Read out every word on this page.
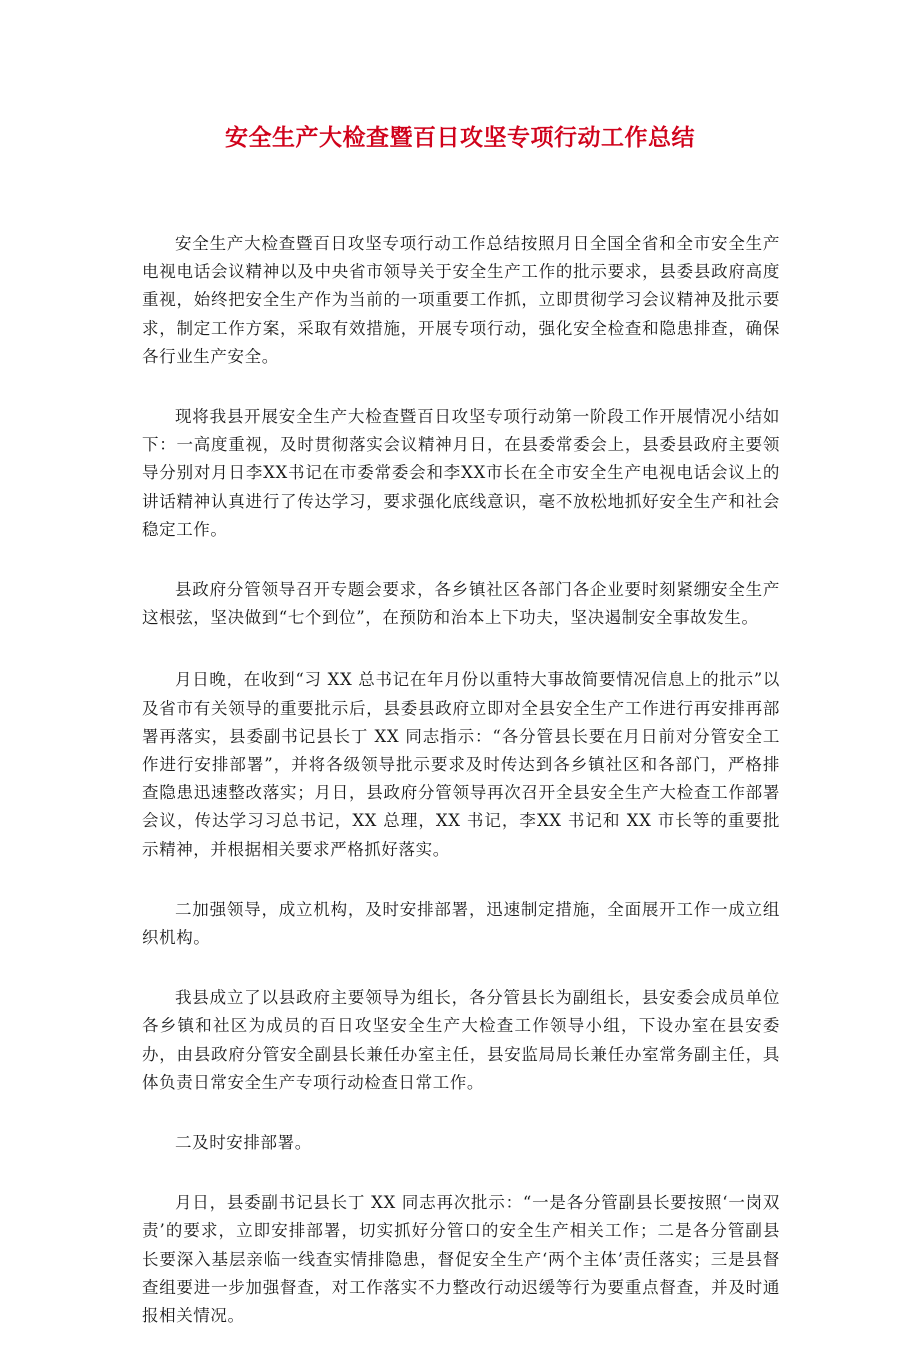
安全生产大检查暨百日攻坚专项行动工作总结

安全生产大检查暨百日攻坚专项行动工作总结按照月日全国全省和全市安全生产电视电话会议精神以及中央省市领导关于安全生产工作的批示要求，县委县政府高度重视，始终把安全生产作为当前的一项重要工作抓，立即贯彻学习会议精神及批示要求，制定工作方案，采取有效措施，开展专项行动，强化安全检查和隐患排查，确保各行业生产安全。

现将我县开展安全生产大检查暨百日攻坚专项行动第一阶段工作开展情况小结如下：一高度重视，及时贯彻落实会议精神月日，在县委常委会上，县委县政府主要领导分别对月日李XX书记在市委常委会和李XX市长在全市安全生产电视电话会议上的讲话精神认真进行了传达学习，要求强化底线意识，毫不放松地抓好安全生产和社会稳定工作。

县政府分管领导召开专题会要求，各乡镇社区各部门各企业要时刻紧绷安全生产这根弦，坚决做到“七个到位”，在预防和治本上下功夫，坚决遏制安全事故发生。

月日晚，在收到“习 XX 总书记在年月份以重特大事故简要情况信息上的批示”以及省市有关领导的重要批示后，县委县政府立即对全县安全生产工作进行再安排再部署再落实，县委副书记县长丁 XX 同志指示：“各分管县长要在月日前对分管安全工作进行安排部署”，并将各级领导批示要求及时传达到各乡镇社区和各部门，严格排查隐患迅速整改落实；月日，县政府分管领导再次召开全县安全生产大检查工作部署会议，传达学习习总书记，XX 总理，XX 书记，李XX 书记和 XX 市长等的重要批示精神，并根据相关要求严格抓好落实。

二加强领导，成立机构，及时安排部署，迅速制定措施，全面展开工作一成立组织机构。

我县成立了以县政府主要领导为组长，各分管县长为副组长，县安委会成员单位各乡镇和社区为成员的百日攻坚安全生产大检查工作领导小组，下设办室在县安委办，由县政府分管安全副县长兼任办室主任，县安监局局长兼任办室常务副主任，具体负责日常安全生产专项行动检查日常工作。

二及时安排部署。

月日，县委副书记县长丁 XX 同志再次批示：“一是各分管副县长要按照‘一岗双责’的要求，立即安排部署，切实抓好分管口的安全生产相关工作；二是各分管副县长要深入基层亲临一线查实情排隐患，督促安全生产‘两个主体’责任落实；三是县督查组要进一步加强督查，对工作落实不力整改行动迟缓等行为要重点督查，并及时通报相关情况。
